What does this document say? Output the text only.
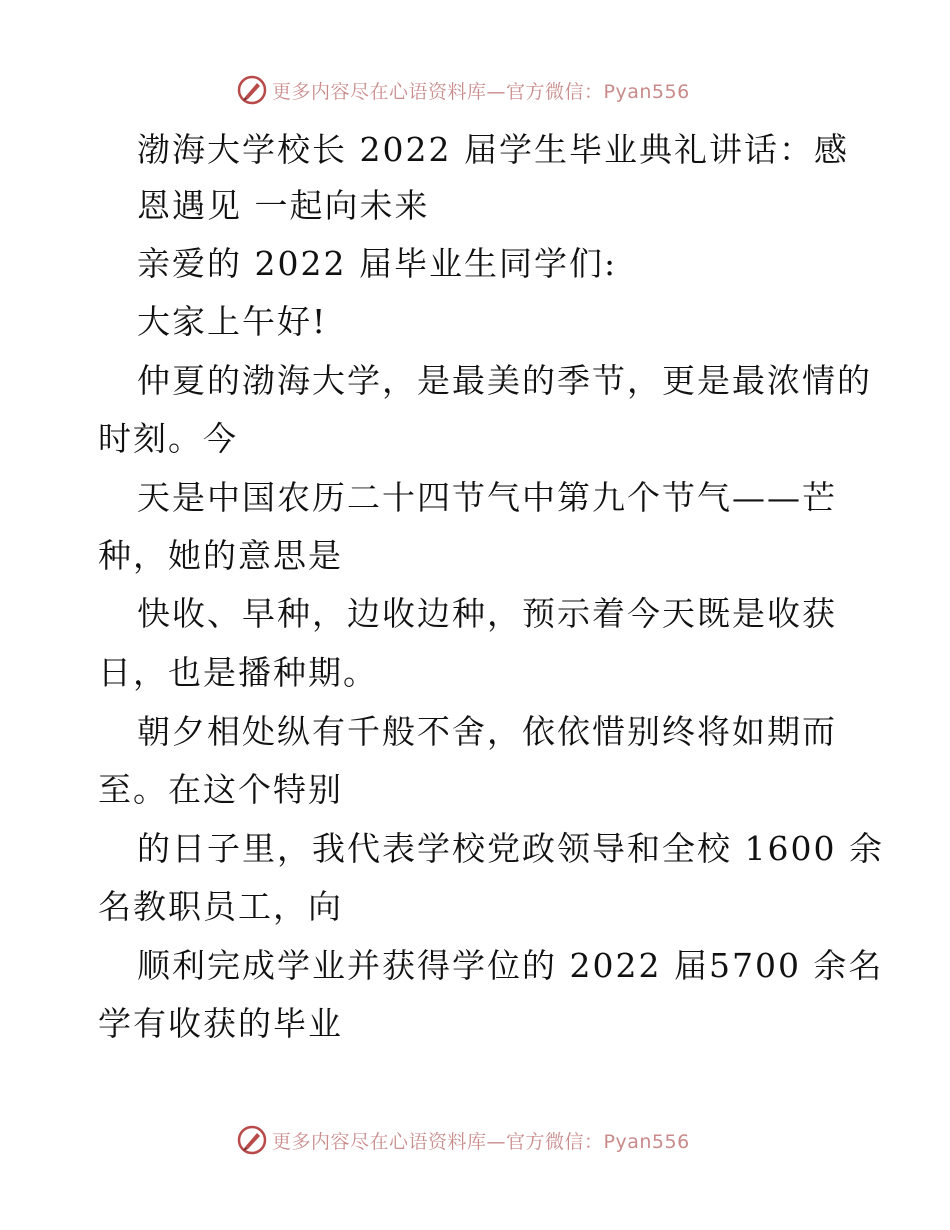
更多内容尽在心语资料库—官方微信：Pyan556
渤海大学校长 2022 届学生毕业典礼讲话：感
恩遇见 一起向未来
亲爱的 2022 届毕业生同学们:
大家上午好!
仲夏的渤海大学，是最美的季节，更是最浓情的
时刻。今
天是中国农历二十四节气中第九个节气——芒
种，她的意思是
快收、早种，边收边种，预示着今天既是收获
日，也是播种期。
朝夕相处纵有千般不舍，依依惜别终将如期而
至。在这个特别
的日子里，我代表学校党政领导和全校 1600 余
名教职员工，向
顺利完成学业并获得学位的 2022 届5700 余名
学有收获的毕业
更多内容尽在心语资料库—官方微信：Pyan556
